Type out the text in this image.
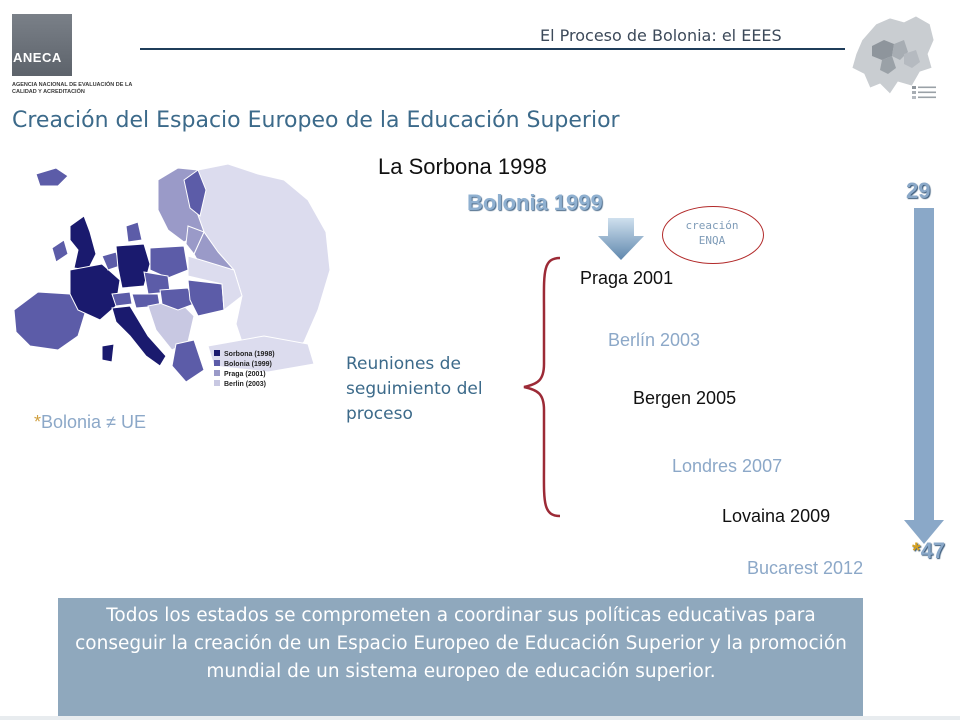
ANECA
AGENCIA NACIONAL DE EVALUACIÓN DE LA CALIDAD Y ACREDITACIÓN
El Proceso de Bolonia: el EEES
Creación del Espacio Europeo de la Educación Superior
Sorbona (1998)
Bolonia (1999)
Praga (2001)
Berlin (2003)
*Bolonia ≠ UE
La Sorbona 1998
Bolonia 1999
creación
ENQA
Reuniones de seguimiento del proceso
Praga 2001
Berlín 2003
Bergen 2005
Londres 2007
Lovaina 2009
Bucarest 2012
29
*47
Todos los estados se comprometen a coordinar sus políticas educativas para conseguir la creación de un Espacio Europeo de Educación Superior y la promoción mundial de un sistema europeo de educación superior.
